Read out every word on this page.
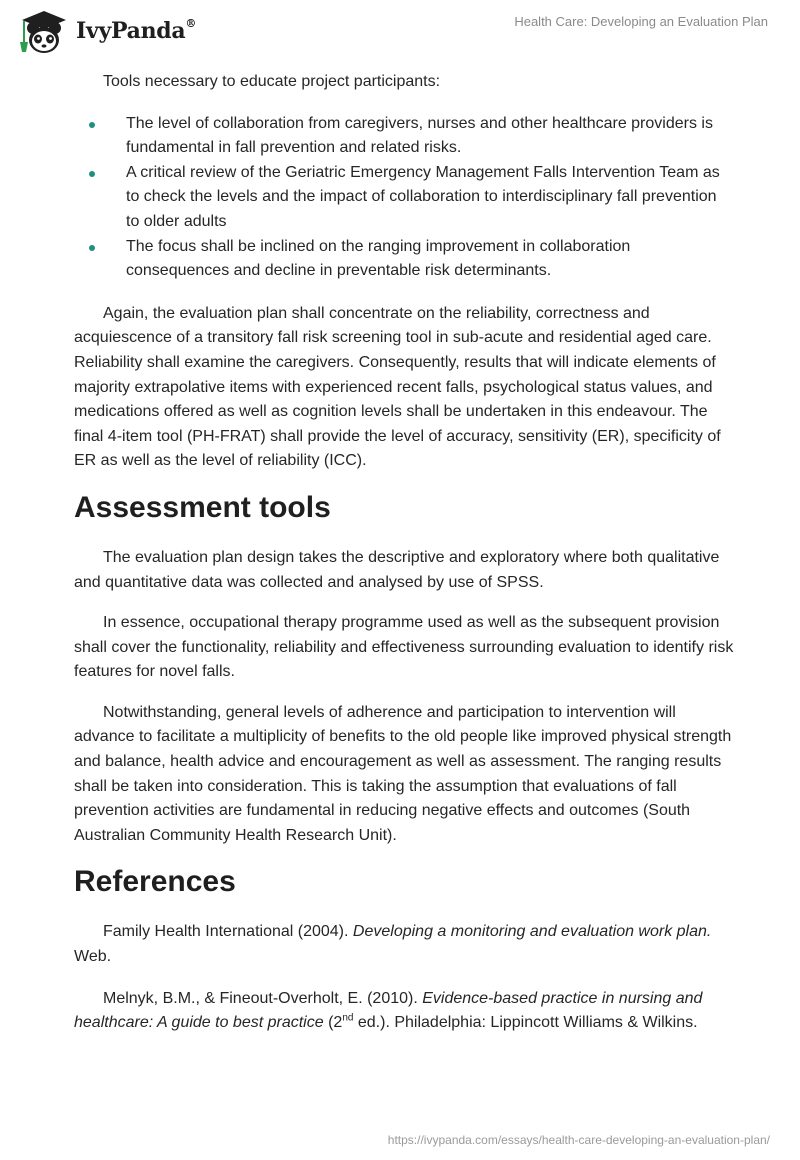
IvyPanda®	Health Care: Developing an Evaluation Plan

Tools necessary to educate project participants:

The level of collaboration from caregivers, nurses and other healthcare providers is fundamental in fall prevention and related risks.
A critical review of the Geriatric Emergency Management Falls Intervention Team as to check the levels and the impact of collaboration to interdisciplinary fall prevention to older adults
The focus shall be inclined on the ranging improvement in collaboration consequences and decline in preventable risk determinants.

Again, the evaluation plan shall concentrate on the reliability, correctness and acquiescence of a transitory fall risk screening tool in sub-acute and residential aged care. Reliability shall examine the caregivers. Consequently, results that will indicate elements of majority extrapolative items with experienced recent falls, psychological status values, and medications offered as well as cognition levels shall be undertaken in this endeavour. The final 4-item tool (PH-FRAT) shall provide the level of accuracy, sensitivity (ER), specificity of ER as well as the level of reliability (ICC).

Assessment tools

The evaluation plan design takes the descriptive and exploratory where both qualitative and quantitative data was collected and analysed by use of SPSS.

In essence, occupational therapy programme used as well as the subsequent provision shall cover the functionality, reliability and effectiveness surrounding evaluation to identify risk features for novel falls.

Notwithstanding, general levels of adherence and participation to intervention will advance to facilitate a multiplicity of benefits to the old people like improved physical strength and balance, health advice and encouragement as well as assessment. The ranging results shall be taken into consideration. This is taking the assumption that evaluations of fall prevention activities are fundamental in reducing negative effects and outcomes (South Australian Community Health Research Unit).

References

Family Health International (2004). Developing a monitoring and evaluation work plan. Web.

Melnyk, B.M., & Fineout-Overholt, E. (2010). Evidence-based practice in nursing and healthcare: A guide to best practice (2nd ed.). Philadelphia: Lippincott Williams & Wilkins.

https://ivypanda.com/essays/health-care-developing-an-evaluation-plan/
